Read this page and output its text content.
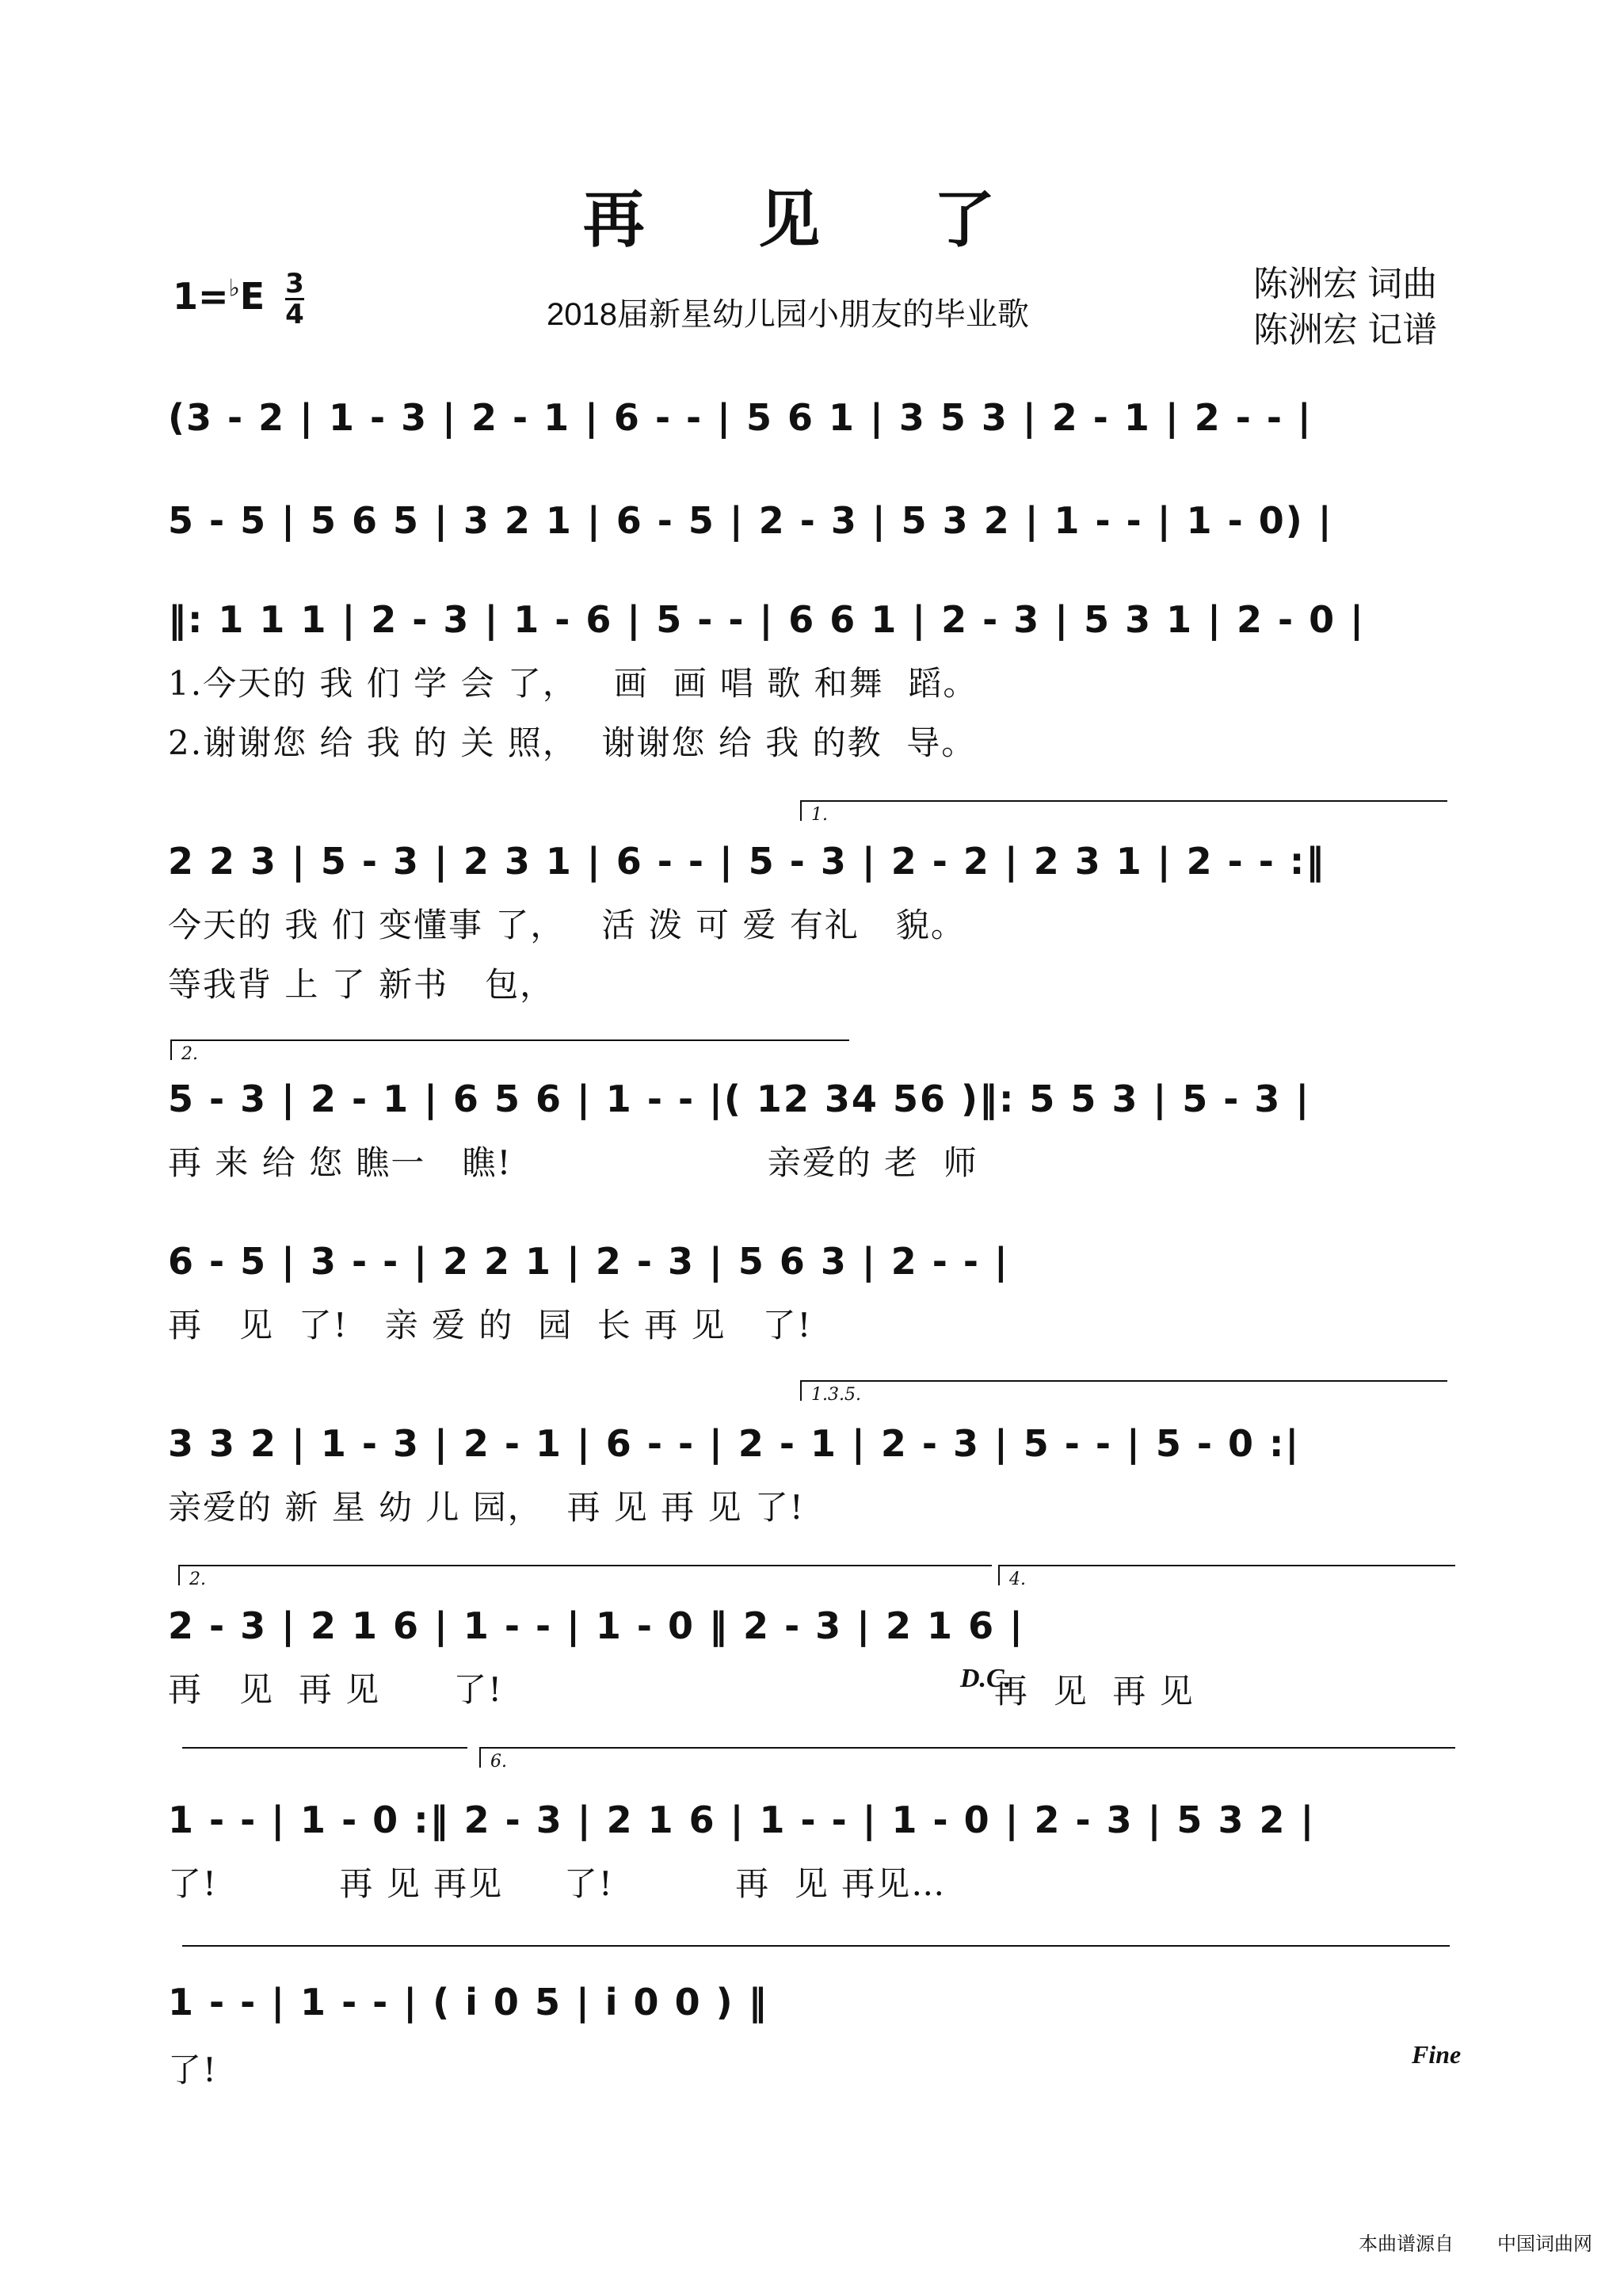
再 见 了
$1=^♭E \frac{3}{4}$	2018届新星幼儿园小朋友的毕业歌
陈洲宏 词曲
陈洲宏 记谱
(3 - 2 | 1 - 3 | 2 - 1 | 6 - - | 5 6 1 | 3 5 3 | 2 - 1 | 2 - - |
5 - 5 | 5 6 5 | 3 2 1 | 6 - 5 | 2 - 3 | 5 3 2 | 1 - - | 1 - 0) |
‖: 1 1 1 | 2 - 3 | 1 - 6 | 5 - - | 6 6 1 | 2 - 3 | 5 3 1 | 2 - 0 |
1.今天的 我 们 学 会 了，   画  画 唱 歌 和舞  蹈。
2.谢谢您 给 我 的 关 照，  谢谢您 给 我 的教  导。
1.
2 2 3 | 5 - 3 | 2 3 1 | 6 - - | 5 - 3 | 2 - 2 | 2 3 1 | 2 - - :‖
今天的 我 们 变懂事 了，   活 泼 可 爱 有礼   貌。
等我背 上 了 新书   包，
2.
5 - 3 | 2 - 1 | 6 5 6 | 1 - - |( 12 34 56 )‖: 5 5 3 | 5 - 3 |
再 来 给 您 瞧一   瞧!                     亲爱的 老  师
6 - 5 | 3 - - | 2 2 1 | 2 - 3 | 5 6 3 | 2 - - |
再   见  了!   亲 爱 的  园  长 再 见   了!
1.3.5.
3 3 2 | 1 - 3 | 2 - 1 | 6 - - | 2 - 1 | 2 - 3 | 5 - - | 5 - 0 :|
亲爱的 新 星 幼 儿 园，  再 见 再 见 了!
2.	4.
2 - 3 | 2 1 6 | 1 - - | 1 - 0 ‖ 2 - 3 | 2 1 6 |
再   见  再 见      了!	D.C.
再  见  再 见
6.
1 - - | 1 - 0 :‖ 2 - 3 | 2 1 6 | 1 - - | 1 - 0 | 2 - 3 | 5 3 2 |
了!          再 见 再见     了!          再  见 再见…
1 - - | 1 - - | ( i 0 5 | i 0 0 ) ‖
了!	Fine
本曲谱源自 中国词曲网
